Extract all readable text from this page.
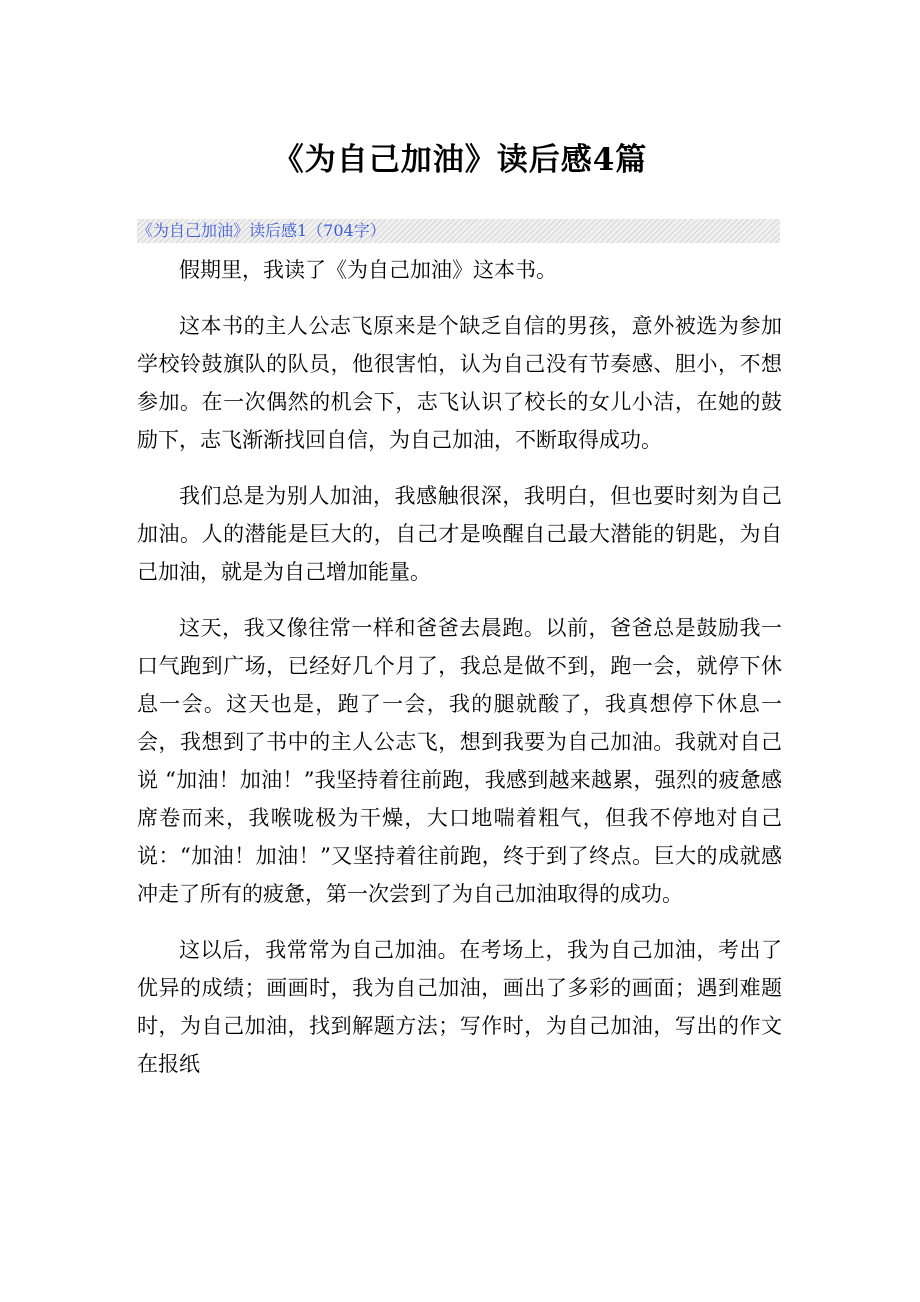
《为自己加油》读后感4篇
《为自己加油》读后感1（704字）

假期里，我读了《为自己加油》这本书。

这本书的主人公志飞原来是个缺乏自信的男孩，意外被选为参加学校铃鼓旗队的队员，他很害怕，认为自己没有节奏感、胆小，不想参加。在一次偶然的机会下，志飞认识了校长的女儿小洁，在她的鼓励下，志飞渐渐找回自信，为自己加油，不断取得成功。

我们总是为别人加油，我感触很深，我明白，但也要时刻为自己加油。人的潜能是巨大的，自己才是唤醒自己最大潜能的钥匙，为自己加油，就是为自己增加能量。

这天，我又像往常一样和爸爸去晨跑。以前，爸爸总是鼓励我一口气跑到广场，已经好几个月了，我总是做不到，跑一会，就停下休息一会。这天也是，跑了一会，我的腿就酸了，我真想停下休息一会，我想到了书中的主人公志飞，想到我要为自己加油。我就对自己说 “加油！加油！”我坚持着往前跑，我感到越来越累，强烈的疲惫感席卷而来，我喉咙极为干燥，大口地喘着粗气，但我不停地对自己说：“加油！加油！”又坚持着往前跑，终于到了终点。巨大的成就感冲走了所有的疲惫，第一次尝到了为自己加油取得的成功。

这以后，我常常为自己加油。在考场上，我为自己加油，考出了优异的成绩；画画时，我为自己加油，画出了多彩的画面；遇到难题时，为自己加油，找到解题方法；写作时，为自己加油，写出的作文在报纸
